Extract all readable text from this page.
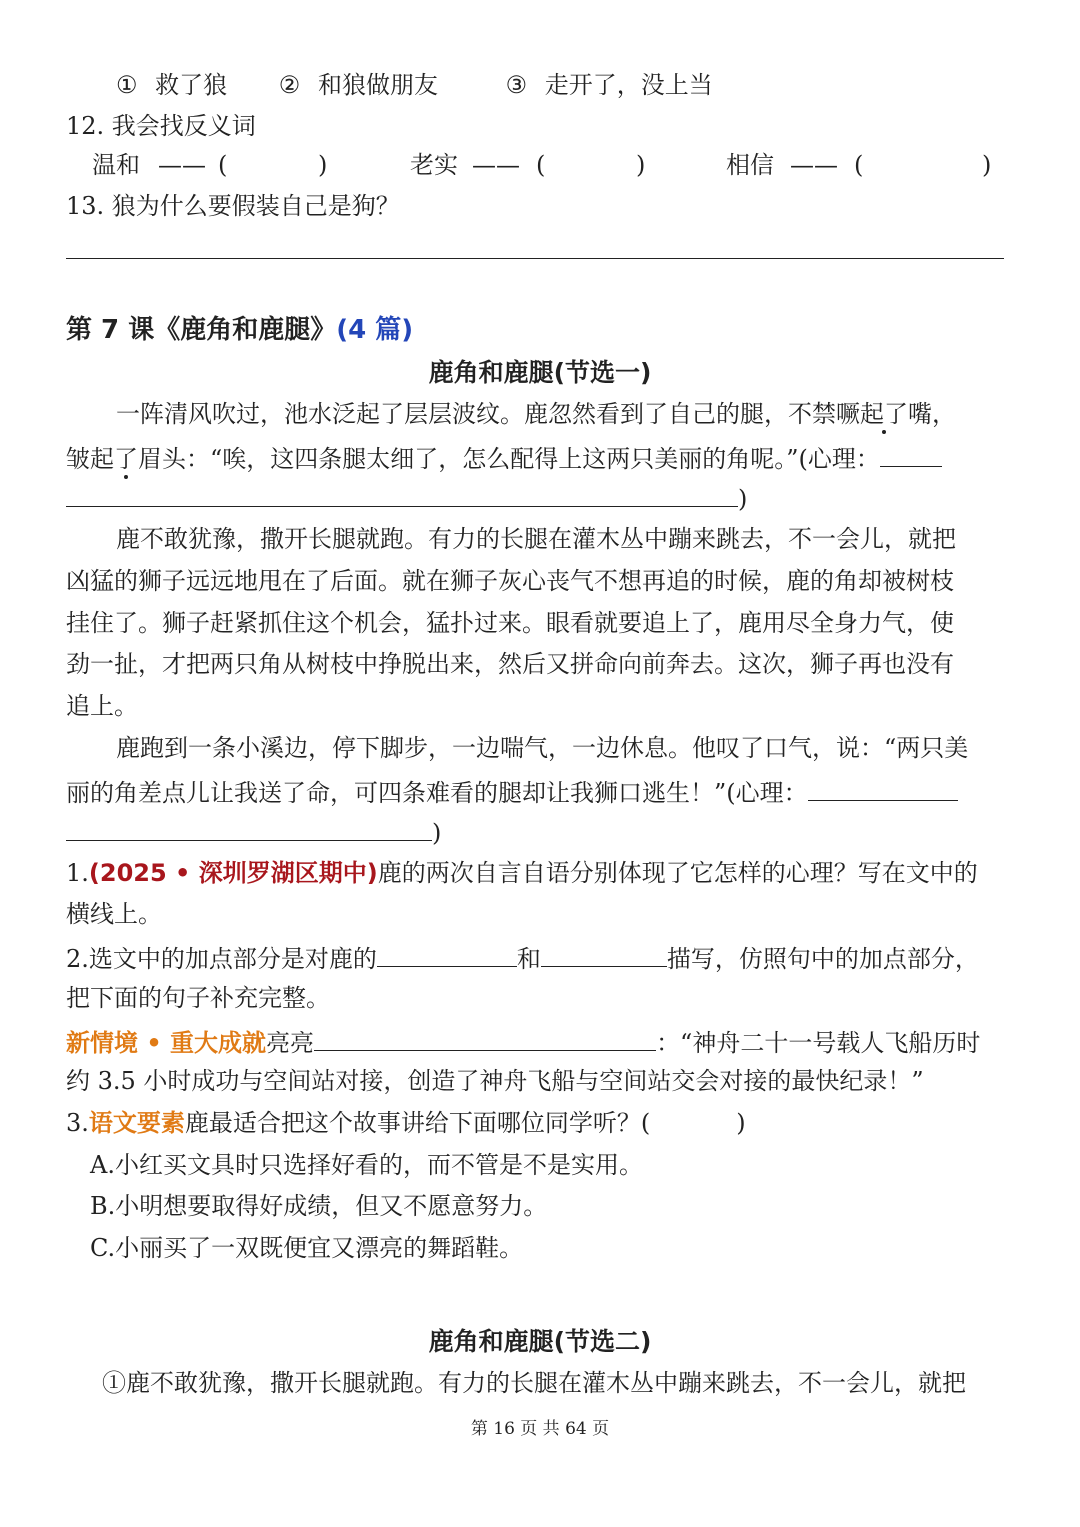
① 救了狼 ② 和狼做朋友	③ 走开了，没上当
12. 我会找反义词
温和 —— (	)	老实 —— (	)	相信 —— (	)
13. 狼为什么要假装自己是狗？
第 7 课《鹿角和鹿腿》(4 篇)
鹿角和鹿腿(节选一)
一阵清风吹过，池水泛起了层层波纹。鹿忽然看到了自己的腿，不禁噘起了嘴，
皱起了眉头：“唉，这四条腿太细了，怎么配得上这两只美丽的角呢。”(心理：
)
鹿不敢犹豫，撒开长腿就跑。有力的长腿在灌木丛中蹦来跳去，不一会儿，就把
凶猛的狮子远远地甩在了后面。就在狮子灰心丧气不想再追的时候，鹿的角却被树枝
挂住了。狮子赶紧抓住这个机会，猛扑过来。眼看就要追上了，鹿用尽全身力气，使
劲一扯，才把两只角从树枝中挣脱出来，然后又拼命向前奔去。这次，狮子再也没有
追上。
鹿跑到一条小溪边，停下脚步，一边喘气，一边休息。他叹了口气，说：“两只美
丽的角差点儿让我送了命，可四条难看的腿却让我狮口逃生！”(心理：
)
1.(2025 • 深圳罗湖区期中)鹿的两次自言自语分别体现了它怎样的心理？写在文中的
横线上。
2.选文中的加点部分是对鹿的	和	描写，仿照句中的加点部分，
把下面的句子补充完整。
新情境 • 重大成就亮亮	：“神舟二十一号载人飞船历时
约 3.5 小时成功与空间站对接，创造了神舟飞船与空间站交会对接的最快纪录！”
3.语文要素鹿最适合把这个故事讲给下面哪位同学听？(	)
A.小红买文具时只选择好看的，而不管是不是实用。
B.小明想要取得好成绩，但又不愿意努力。
C.小丽买了一双既便宜又漂亮的舞蹈鞋。
鹿角和鹿腿(节选二)
①鹿不敢犹豫，撒开长腿就跑。有力的长腿在灌木丛中蹦来跳去，不一会儿，就把
第 16 页 共 64 页
